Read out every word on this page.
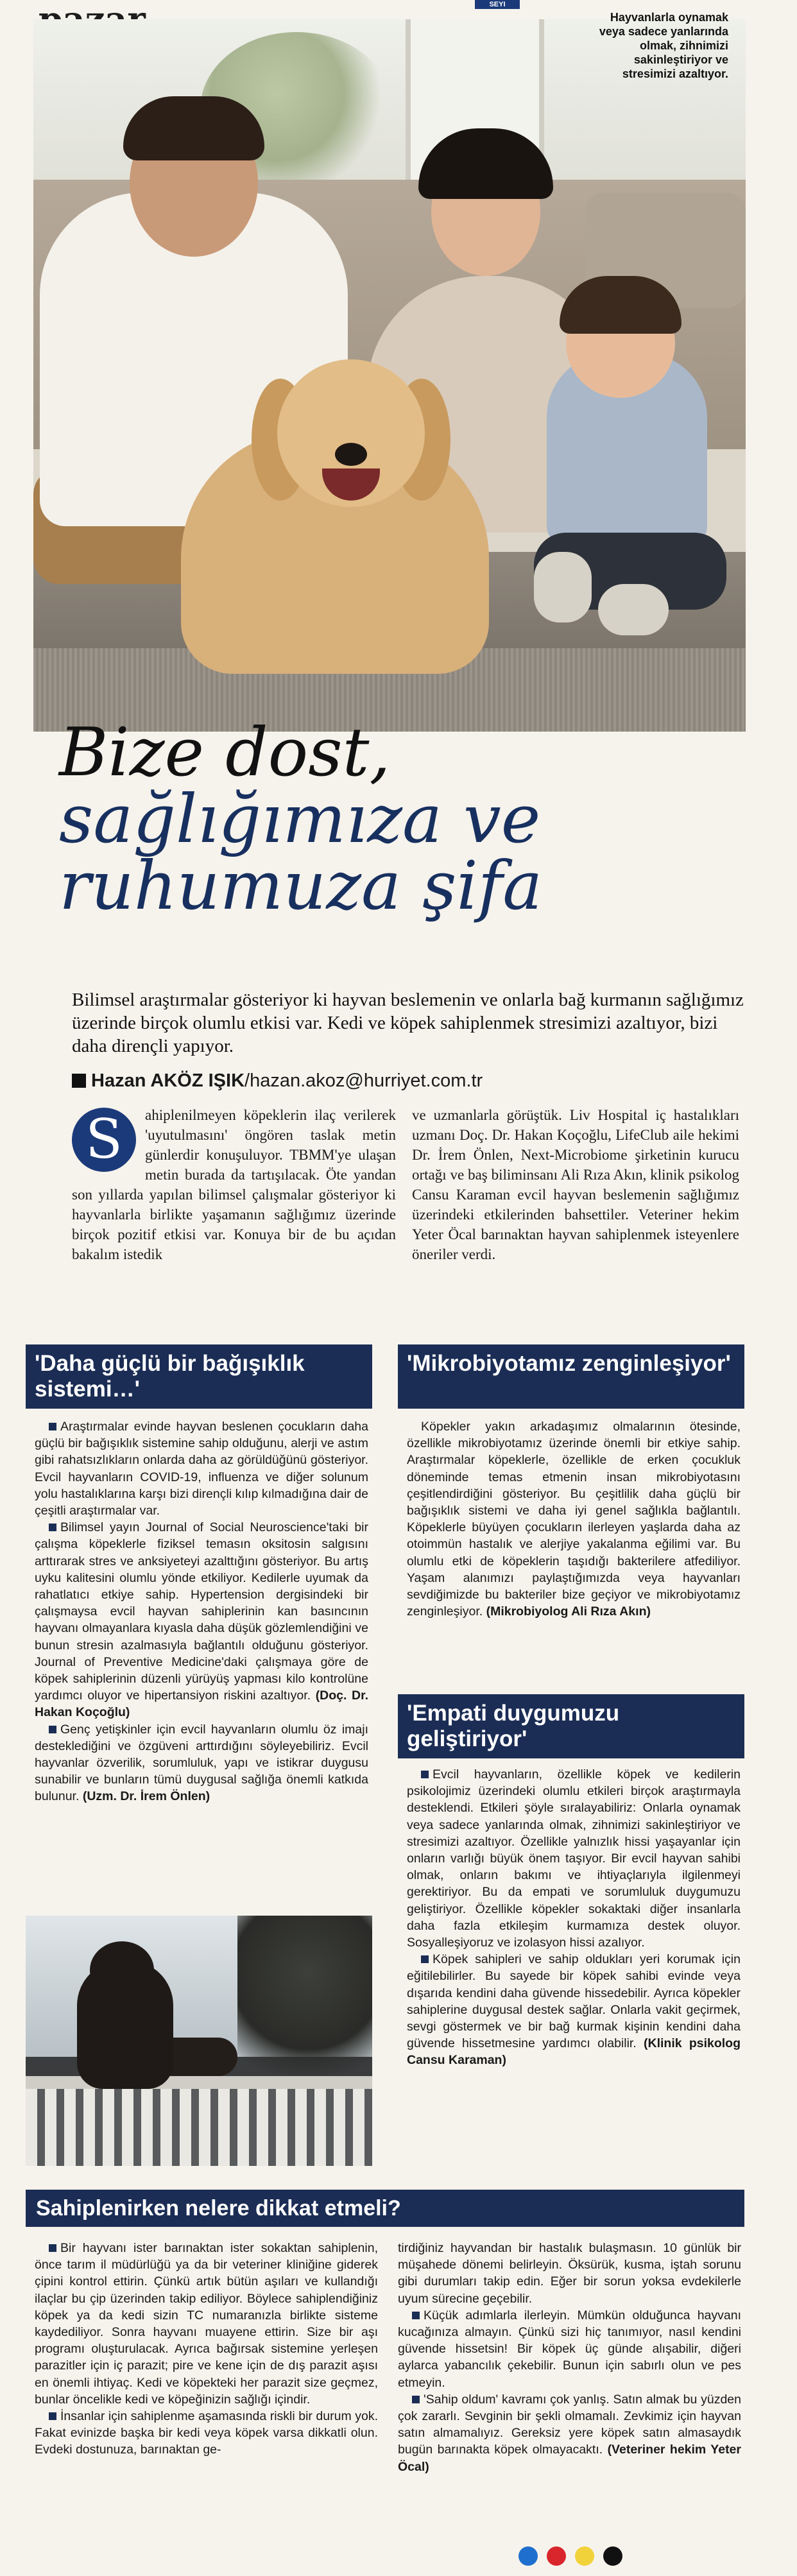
SEYI
Hayvanlarla oynamak veya sadece yanlarında olmak, zihnimizi sakinleştiriyor ve stresimizi azaltıyor.
Bize dost,
sağlığımıza ve
ruhumuza şifa
Bilimsel araştırmalar gösteriyor ki hayvan beslemenin ve onlarla bağ kurmanın sağlığımız üzerinde birçok olumlu etkisi var. Kedi ve köpek sahiplenmek stresimizi azaltıyor, bizi daha dirençli yapıyor.
Hazan AKÖZ IŞIK/hazan.akoz@hurriyet.com.tr
S	ahiplenilmeyen köpeklerin ilaç verilerek 'uyutulmasını' öngören taslak metin günlerdir konuşuluyor. TBMM'ye ulaşan metin burada da tartışılacak. Öte yandan son yıllarda yapılan bilimsel çalışmalar gösteriyor ki hayvanlarla birlikte yaşamanın sağlığımız üzerinde birçok pozitif etkisi var. Konuya bir de bu açıdan bakalım istedik
ve uzmanlarla görüştük. Liv Hospital iç hastalıkları uzmanı Doç. Dr. Hakan Koçoğlu, LifeClub aile hekimi Dr. İrem Önlen, Next-Microbiome şirketinin kurucu ortağı ve baş biliminsanı Ali Rıza Akın, klinik psikolog Cansu Karaman evcil hayvan beslemenin sağlığımız üzerindeki etkilerinden bahsettiler. Veteriner hekim Yeter Öcal barınaktan hayvan sahiplenmek isteyenlere öneriler verdi.
'Daha güçlü bir bağışıklık sistemi…'

Araştırmalar evinde hayvan beslenen çocukların daha güçlü bir bağışıklık sistemine sahip olduğunu, alerji ve astım gibi rahatsızlıkların onlarda daha az görüldüğünü gösteriyor. Evcil hayvanların COVID-19, influenza ve diğer solunum yolu hastalıklarına karşı bizi dirençli kılıp kılmadığına dair de çeşitli araştırmalar var.

Bilimsel yayın Journal of Social Neuroscience'taki bir çalışma köpeklerle fiziksel temasın oksitosin salgısını arttırarak stres ve anksiyeteyi azalttığını gösteriyor. Bu artış uyku kalitesini olumlu yönde etkiliyor. Kedilerle uyumak da rahatlatıcı etkiye sahip. Hypertension dergisindeki bir çalışmaysa evcil hayvan sahiplerinin kan basıncının hayvanı olmayanlara kıyasla daha düşük gözlemlendiğini ve bunun stresin azalmasıyla bağlantılı olduğunu gösteriyor. Journal of Preventive Medicine'daki çalışmaya göre de köpek sahiplerinin düzenli yürüyüş yapması kilo kontrolüne yardımcı oluyor ve hipertansiyon riskini azaltıyor. (Doç. Dr. Hakan Koçoğlu)

Genç yetişkinler için evcil hayvanların olumlu öz imajı desteklediğini ve özgüveni arttırdığını söyleyebiliriz. Evcil hayvanlar özverilik, sorumluluk, yapı ve istikrar duygusu sunabilir ve bunların tümü duygusal sağlığa önemli katkıda bulunur. (Uzm. Dr. İrem Önlen)

'Mikrobiyotamız zenginleşiyor'

Köpekler yakın arkadaşımız olmalarının ötesinde, özellikle mikrobiyotamız üzerinde önemli bir etkiye sahip. Araştırmalar köpeklerle, özellikle de erken çocukluk döneminde temas etmenin insan mikrobiyotasını çeşitlendirdiğini gösteriyor. Bu çeşitlilik daha güçlü bir bağışıklık sistemi ve daha iyi genel sağlıkla bağlantılı. Köpeklerle büyüyen çocukların ilerleyen yaşlarda daha az otoimmün hastalık ve alerjiye yakalanma eğilimi var. Bu olumlu etki de köpeklerin taşıdığı bakterilere atfediliyor. Yaşam alanımızı paylaştığımızda veya hayvanları sevdiğimizde bu bakteriler bize geçiyor ve mikrobiyotamız zenginleşiyor. (Mikrobiyolog Ali Rıza Akın)

'Empati duygumuzu geliştiriyor'

Evcil hayvanların, özellikle köpek ve kedilerin psikolojimiz üzerindeki olumlu etkileri birçok araştırmayla desteklendi. Etkileri şöyle sıralayabiliriz: Onlarla oynamak veya sadece yanlarında olmak, zihnimizi sakinleştiriyor ve stresimizi azaltıyor. Özellikle yalnızlık hissi yaşayanlar için onların varlığı büyük önem taşıyor. Bir evcil hayvan sahibi olmak, onların bakımı ve ihtiyaçlarıyla ilgilenmeyi gerektiriyor. Bu da empati ve sorumluluk duygumuzu geliştiriyor. Özellikle köpekler sokaktaki diğer insanlarla daha fazla etkileşim kurmamıza destek oluyor. Sosyalleşiyoruz ve izolasyon hissi azalıyor.

Köpek sahipleri ve sahip oldukları yeri korumak için eğitilebilirler. Bu sayede bir köpek sahibi evinde veya dışarıda kendini daha güvende hissedebilir. Ayrıca köpekler sahiplerine duygusal destek sağlar. Onlarla vakit geçirmek, sevgi göstermek ve bir bağ kurmak kişinin kendini daha güvende hissetmesine yardımcı olabilir. (Klinik psikolog Cansu Karaman)

Sahiplenirken nelere dikkat etmeli?

Bir hayvanı ister barınaktan ister sokaktan sahiplenin, önce tarım il müdürlüğü ya da bir veteriner kliniğine giderek çipini kontrol ettirin. Çünkü artık bütün aşıları ve kullandığı ilaçlar bu çip üzerinden takip ediliyor. Böylece sahiplendiğiniz köpek ya da kedi sizin TC numaranızla birlikte sisteme kaydediliyor. Sonra hayvanı muayene ettirin. Size bir aşı programı oluşturulacak. Ayrıca bağırsak sistemine yerleşen parazitler için iç parazit; pire ve kene için de dış parazit aşısı en önemli ihtiyaç. Kedi ve köpekteki her parazit size geçmez, bunlar öncelikle kedi ve köpeğinizin sağlığı içindir.

İnsanlar için sahiplenme aşamasında riskli bir durum yok. Fakat evinizde başka bir kedi veya köpek varsa dikkatli olun. Evdeki dostunuza, barınaktan ge-

tirdiğiniz hayvandan bir hastalık bulaşmasın. 10 günlük bir müşahede dönemi belirleyin. Öksürük, kusma, iştah sorunu gibi durumları takip edin. Eğer bir sorun yoksa evdekilerle uyum sürecine geçebilir.

Küçük adımlarla ilerleyin. Mümkün olduğunca hayvanı kucağınıza almayın. Çünkü sizi hiç tanımıyor, nasıl kendini güvende hissetsin! Bir köpek üç günde alışabilir, diğeri aylarca yabancılık çekebilir. Bunun için sabırlı olun ve pes etmeyin.

'Sahip oldum' kavramı çok yanlış. Satın almak bu yüzden çok zararlı. Sevginin bir şekli olmamalı. Zevkimiz için hayvan satın almamalıyız. Gereksiz yere köpek satın almasaydık bugün barınakta köpek olmayacaktı. (Veteriner hekim Yeter Öcal)
